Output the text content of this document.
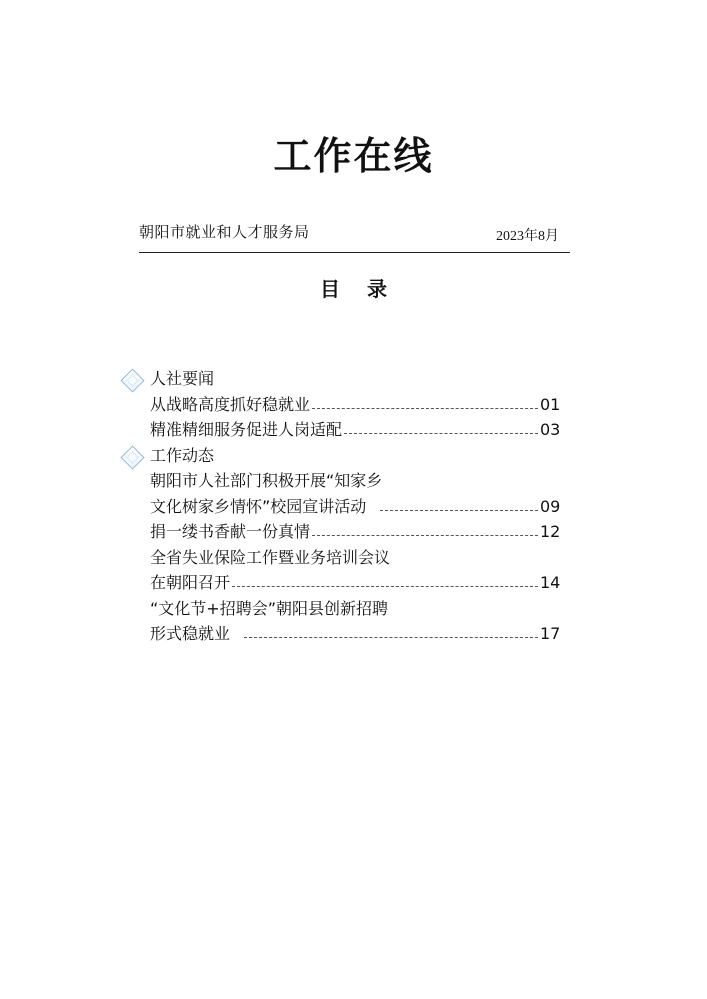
工作在线
朝阳市就业和人才服务局	2023年8月
目 录
人社要闻
从战略高度抓好稳就业	01
精准精细服务促进人岗适配	03
工作动态
朝阳市人社部门积极开展“知家乡
文化树家乡情怀”校园宣讲活动	09
捐一缕书香献一份真情	12
全省失业保险工作暨业务培训会议
在朝阳召开	14
“文化节+招聘会”朝阳县创新招聘
形式稳就业	17
